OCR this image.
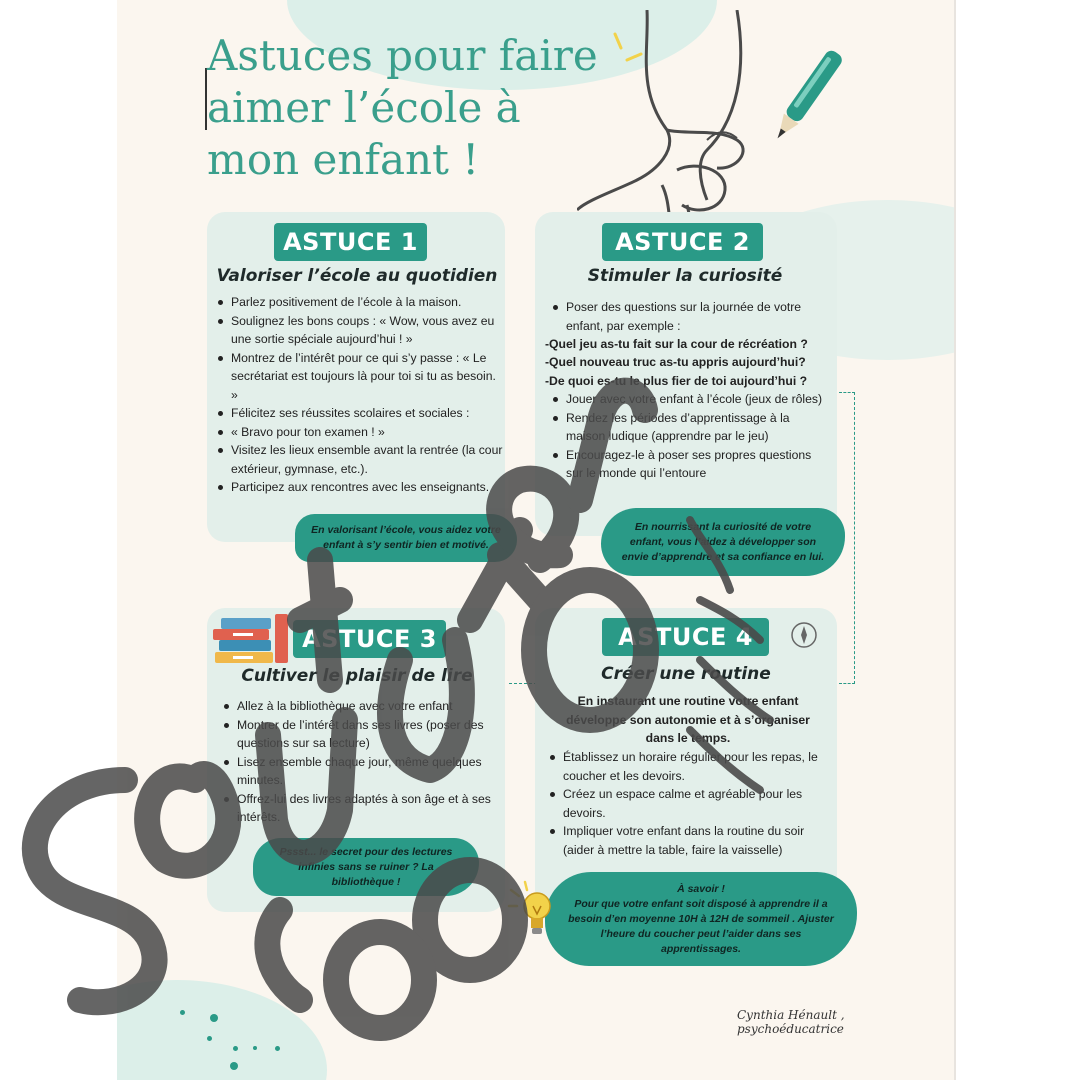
Astuces pour faire
aimer l’école à
mon enfant !
ASTUCE 1
Valoriser l’école au quotidien
Parlez positivement de l’école à la maison.
Soulignez les bons coups : « Wow, vous avez eu une sortie spéciale aujourd’hui ! »
Montrez de l’intérêt pour ce qui s’y passe : « Le secrétariat est toujours là pour toi si tu as besoin. »
Félicitez ses réussites scolaires et sociales :
« Bravo pour ton examen ! »
Visitez les lieux ensemble avant la rentrée (la cour extérieur, gymnase, etc.).
Participez aux rencontres avec les enseignants.
En valorisant l’école, vous aidez votre enfant à s’y sentir bien et motivé.
ASTUCE 2
Stimuler la curiosité
Poser des questions sur la journée de votre enfant, par exemple :
-Quel jeu as-tu fait sur la cour de récréation ?
-Quel nouveau truc as-tu appris aujourd’hui?
-De quoi es-tu le plus fier de toi aujourd’hui ?
Jouer avec votre enfant à l’école (jeux de rôles)
Rendez les périodes d’apprentissage à la maison ludique (apprendre par le jeu)
Encouragez-le à poser ses propres questions sur le monde qui l’entoure
En nourrissant la curiosité de votre enfant, vous l’aidez à développer son envie d’apprendre et sa confiance en lui.
ASTUCE 3
Cultiver le plaisir de lire
Allez à la bibliothèque avec votre enfant
Montrer de l’intérêt dans ses livres (poser des questions sur sa lecture)
Lisez ensemble chaque jour, même quelques minutes.
Offrez-lui des livres adaptés à son âge et à ses intérêts.
Pssst... le secret pour des lectures infinies sans se ruiner ? La bibliothèque !
ASTUCE 4
Créer une routine
En instaurant une routine votre enfant développe son autonomie et à s’organiser dans le temps.
Établissez un horaire régulier pour les repas, le coucher et les devoirs.
Créez un espace calme et agréable pour les devoirs.
Impliquer votre enfant dans la routine du soir (aider à mettre la table, faire la vaisselle)
À savoir !
Pour que votre enfant soit disposé à apprendre il a besoin d’en moyenne 10H à 12H de sommeil . Ajuster l’heure du coucher peut l’aider dans ses apprentissages.
Cynthia Hénault , psychoéducatrice
